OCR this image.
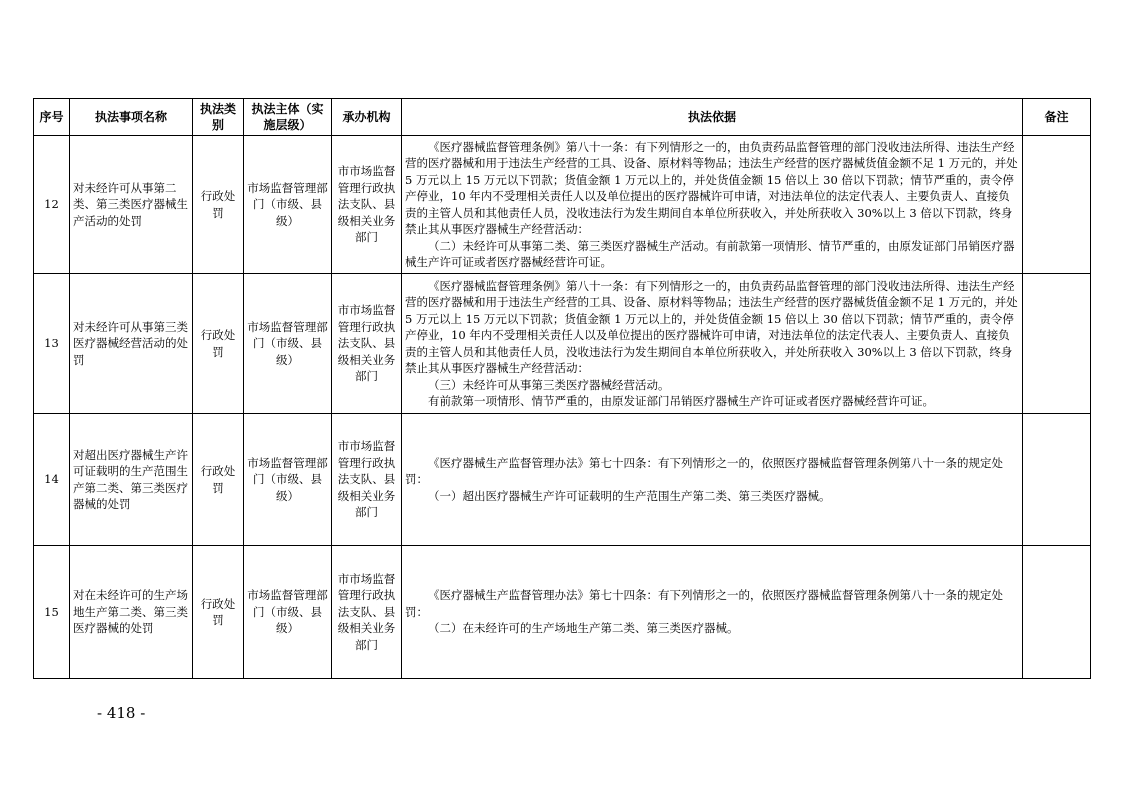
序号	执法事项名称	执法类别	执法主体（实施层级）	承办机构	执法依据	备注
12	对未经许可从事第二类、第三类医疗器械生产活动的处罚	行政处罚	市场监督管理部门（市级、县级）	市市场监督管理行政执法支队、县级相关业务部门	《医疗器械监督管理条例》第八十一条：有下列情形之一的，由负责药品监督管理的部门没收违法所得、违法生产经营的医疗器械和用于违法生产经营的工具、设备、原材料等物品；违法生产经营的医疗器械货值金额不足 1 万元的，并处 5 万元以上 15 万元以下罚款；货值金额 1 万元以上的，并处货值金额 15 倍以上 30 倍以下罚款；情节严重的，责令停产停业，10 年内不受理相关责任人以及单位提出的医疗器械许可申请，对违法单位的法定代表人、主要负责人、直接负责的主管人员和其他责任人员，没收违法行为发生期间自本单位所获收入，并处所获收入 30%以上 3 倍以下罚款，终身禁止其从事医疗器械生产经营活动：

（二）未经许可从事第二类、第三类医疗器械生产活动。有前款第一项情形、情节严重的，由原发证部门吊销医疗器械生产许可证或者医疗器械经营许可证。	

13	对未经许可从事第三类医疗器械经营活动的处罚	行政处罚	市场监督管理部门（市级、县级）	市市场监督管理行政执法支队、县级相关业务部门	《医疗器械监督管理条例》第八十一条：有下列情形之一的，由负责药品监督管理的部门没收违法所得、违法生产经营的医疗器械和用于违法生产经营的工具、设备、原材料等物品；违法生产经营的医疗器械货值金额不足 1 万元的，并处 5 万元以上 15 万元以下罚款；货值金额 1 万元以上的，并处货值金额 15 倍以上 30 倍以下罚款；情节严重的，责令停产停业，10 年内不受理相关责任人以及单位提出的医疗器械许可申请，对违法单位的法定代表人、主要负责人、直接负责的主管人员和其他责任人员，没收违法行为发生期间自本单位所获收入，并处所获收入 30%以上 3 倍以下罚款，终身禁止其从事医疗器械生产经营活动：

（三）未经许可从事第三类医疗器械经营活动。

有前款第一项情形、情节严重的，由原发证部门吊销医疗器械生产许可证或者医疗器械经营许可证。	

14	对超出医疗器械生产许可证载明的生产范围生产第二类、第三类医疗器械的处罚	行政处罚	市场监督管理部门（市级、县级）	市市场监督管理行政执法支队、县级相关业务部门	《医疗器械生产监督管理办法》第七十四条：有下列情形之一的，依照医疗器械监督管理条例第八十一条的规定处罚：

（一）超出医疗器械生产许可证载明的生产范围生产第二类、第三类医疗器械。	

15	对在未经许可的生产场地生产第二类、第三类医疗器械的处罚	行政处罚	市场监督管理部门（市级、县级）	市市场监督管理行政执法支队、县级相关业务部门	《医疗器械生产监督管理办法》第七十四条：有下列情形之一的，依照医疗器械监督管理条例第八十一条的规定处罚：

（二）在未经许可的生产场地生产第二类、第三类医疗器械。	

- 418 -
